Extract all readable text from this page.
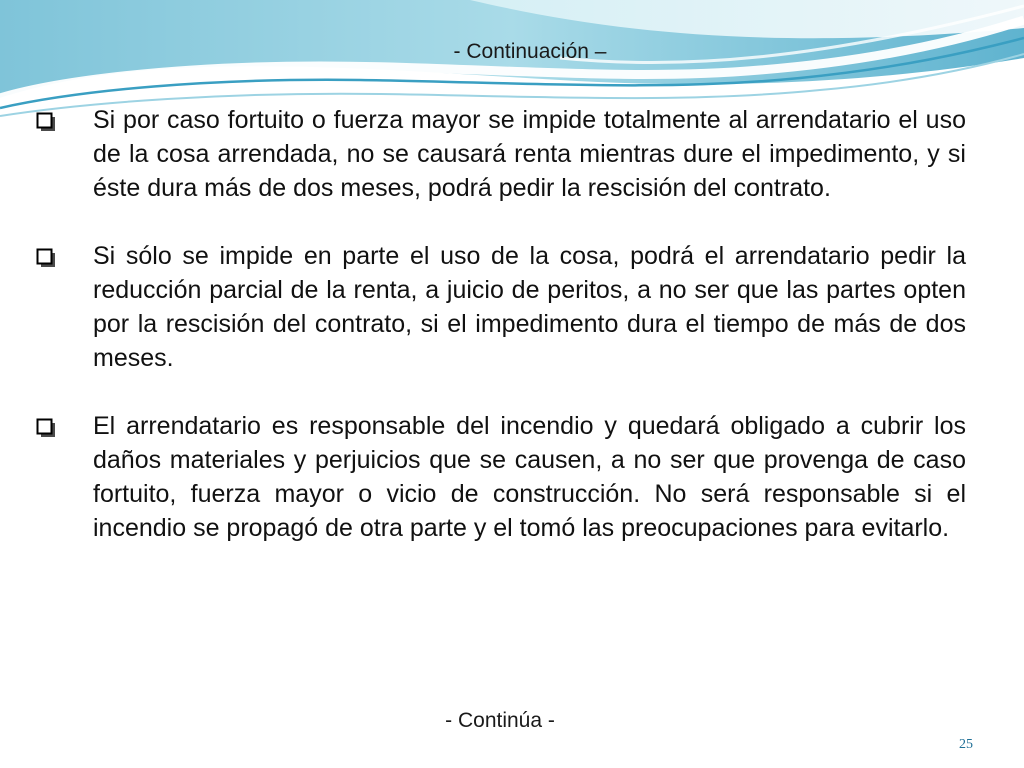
- Continuación –
Si por caso fortuito o fuerza mayor se impide totalmente al arrendatario el uso de la cosa arrendada, no se causará renta mientras dure el impedimento, y si éste dura más de dos meses, podrá pedir la rescisión del contrato.
Si sólo se impide en parte el uso de la cosa, podrá el arrendatario pedir la reducción parcial de la renta, a juicio de peritos, a no ser que las partes opten por la rescisión del contrato, si el impedimento dura el tiempo de más de dos meses.
El arrendatario es responsable del incendio y quedará obligado a cubrir los daños materiales y perjuicios que se causen, a no ser que provenga de caso fortuito, fuerza mayor o vicio de construcción. No será responsable si el incendio se propagó de otra parte y el tomó las preocupaciones para evitarlo.
- Continúa -
25
